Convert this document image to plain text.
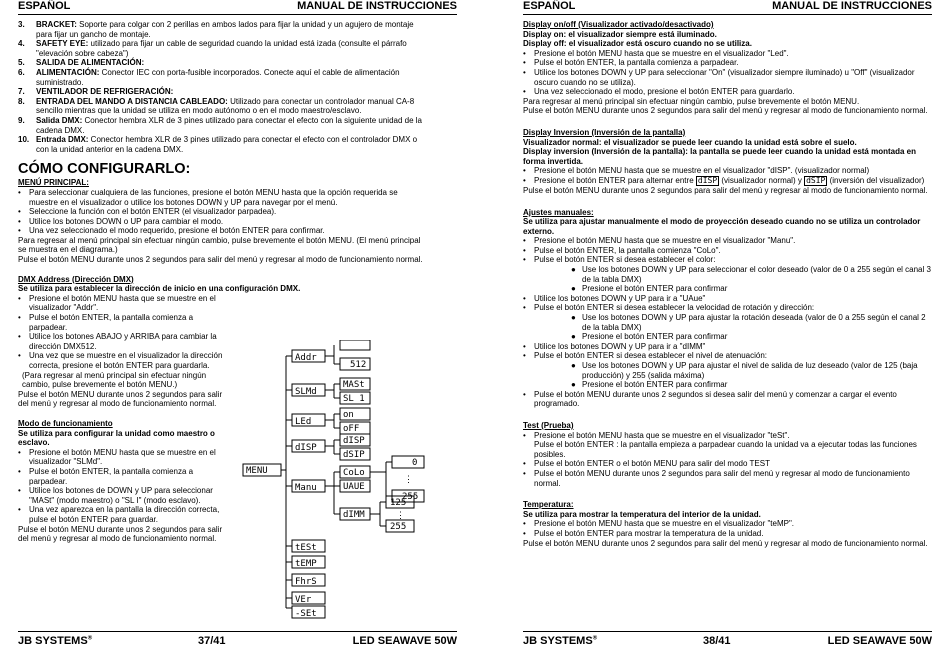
ESPAÑOL	MANUAL DE INSTRUCCIONES
3.	BRACKET: Soporte para colgar con 2 perillas en ambos lados para fijar la unidad y un agujero de montaje para fijar un gancho de montaje.
4.	SAFETY EYE: utilizado para fijar un cable de seguridad cuando la unidad está izada (consulte el párrafo "elevación sobre cabeza")
5.	SALIDA DE ALIMENTACIÓN:
6.	ALIMENTACIÓN: Conector IEC con porta-fusible incorporados. Conecte aquí el cable de alimentación suministrado.
7.	VENTILADOR DE REFRIGERACIÓN:
8.	ENTRADA DEL MANDO A DISTANCIA CABLEADO: Utilizado para conectar un controlador manual CA-8 sencillo mientras que la unidad se utiliza en modo autónomo o en el modo maestro/esclavo.
9.	Salida DMX: Conector hembra XLR de 3 pines utilizado para conectar el efecto con la siguiente unidad de la cadena DMX.
10. Entrada DMX: Conector hembra XLR de 3 pines utilizado para conectar el efecto con el controlador DMX o con la unidad anterior en la cadena DMX.
CÓMO CONFIGURARLO:

MENÚ PRINCIPAL:

•	Para seleccionar cualquiera de las funciones, presione el botón MENU hasta que la opción requerida se muestre en el visualizador o utilice los botones DOWN y UP para navegar por el menú.
•	Seleccione la función con el botón ENTER (el visualizador parpadea).
•	Utilice los botones DOWN o UP para cambiar el modo.
•	Una vez seleccionado el modo requerido, presione el botón ENTER para confirmar.

Para regresar al menú principal sin efectuar ningún cambio, pulse brevemente el botón MENU. (El menú principal se muestra en el diagrama.)

Pulse el botón MENU durante unos 2 segundos para salir del menú y regresar al modo de funcionamiento normal.

DMX Address (Dirección DMX)

Se utiliza para establecer la dirección de inicio en una configuración DMX.

•	Presione el botón MENU hasta que se muestre en el visualizador "Addr".
•	Pulse el botón ENTER, la pantalla comienza a parpadear.
•	Utilice los botones ABAJO y ARRIBA para cambiar la dirección DMX512.
•	Una vez que se muestre en el visualizador la dirección correcta, presione el botón ENTER para guardarla.

(Para regresar al menú principal sin efectuar ningún cambio, pulse brevemente el botón MENU.)

Pulse el botón MENU durante unos 2 segundos para salir del menú y regresar al modo de funcionamiento normal.

Modo de funcionamiento

Se utiliza para configurar la unidad como maestro o esclavo.

•	Presione el botón MENU hasta que se muestre en el visualizador "SLMd".
•	Pulse el botón ENTER, la pantalla comienza a parpadear.
•	Utilice los botones de DOWN y UP para seleccionar "MASt" (modo maestro) o "SL I" (modo esclavo).
•	Una vez aparezca en la pantalla la dirección correcta, pulse el botón ENTER para guardar.

Pulse el botón MENU durante unos 2 segundos para salir del menú y regresar al modo de funcionamiento normal.

MENU
Addr
SLMd
LEd
dISP
Manu
tESt
tEMP
FhrS
VEr
-SEt
512
MASt
SL 1
on
oFF
dISP
dSIP
CoLo
UAUE
dIMM
0
255
125
255
⋮
⋮
JB SYSTEMS®	37/41	LED SEAWAVE 50W
ESPAÑOL	MANUAL DE INSTRUCCIONES

Display on/off (Visualizador activado/desactivado)

Display on: el visualizador siempre está iluminado.

Display off: el visualizador está oscuro cuando no se utiliza.

•	Presione el botón MENU hasta que se muestre en el visualizador "Led".
•	Pulse el botón ENTER, la pantalla comienza a parpadear.
•	Utilice los botones DOWN y UP para seleccionar "On" (visualizador siempre iluminado) u "Off" (visualizador oscuro cuando no se utiliza).
•	Una vez seleccionado el modo, presione el botón ENTER para guardarlo.

Para regresar al menú principal sin efectuar ningún cambio, pulse brevemente el botón MENU.

Pulse el botón MENU durante unos 2 segundos para salir del menú y regresar al modo de funcionamiento normal.

Display Inversion (Inversión de la pantalla)

Visualizador normal: el visualizador se puede leer cuando la unidad está sobre el suelo.

Display inversion (Inversión de la pantalla): la pantalla se puede leer cuando la unidad está montada en forma invertida.

•	Presione el botón MENU hasta que se muestre en el visualizador "dISP". (visualizador normal)
•	Presione el botón ENTER para alternar entre dISP (visualizador normal) y dSIP (inversión del visualizador)

Pulse el botón MENU durante unos 2 segundos para salir del menú y regresar al modo de funcionamiento normal.

Ajustes manuales:

Se utiliza para ajustar manualmente el modo de proyección deseado cuando no se utiliza un controlador externo.

•	Presione el botón MENU hasta que se muestre en el visualizador "Manu".
•	Pulse el botón ENTER, la pantalla comienza "CoLo".
•	Pulse el botón ENTER si desea establecer el color:
● Use los botones DOWN y UP para seleccionar el color deseado (valor de 0 a 255 según el canal 3 de la tabla DMX)
● Presione el botón ENTER para confirmar
•	Utilice los botones DOWN y UP para ir a "UAue"
•	Pulse el botón ENTER si desea establecer la velocidad de rotación y dirección:
● Use los botones DOWN y UP para ajustar la rotación deseada (valor de 0 a 255 según el canal 2 de la tabla DMX)
● Presione el botón ENTER para confirmar
•	Utilice los botones DOWN y UP para ir a "dIMM"
•	Pulse el botón ENTER si desea establecer el nivel de atenuación:
● Use los botones DOWN y UP para ajustar el nivel de salida de luz deseado (valor de 125 (baja producción) y 255 (salida máxima)
● Presione el botón ENTER para confirmar
•	Pulse el botón MENU durante unos 2 segundos si desea salir del menú y comenzar a cargar el evento programado.

Test (Prueba)

•	Presione el botón MENU hasta que se muestre en el visualizador "teSt".

Pulse el botón ENTER : la pantalla empieza a parpadear cuando la unidad va a ejecutar todas las funciones posibles.

•	Pulse el botón ENTER o el botón MENU para salir del modo TEST
•	Pulse el botón MENU durante unos 2 segundos para salir del menú y regresar al modo de funcionamiento normal.

Temperatura:

Se utiliza para mostrar la temperatura del interior de la unidad.

•	Presione el botón MENU hasta que se muestre en el visualizador "teMP".
•	Pulse el botón ENTER para mostrar la temperatura de la unidad.

Pulse el botón MENU durante unos 2 segundos para salir del menú y regresar al modo de funcionamiento normal.

JB SYSTEMS®	38/41	LED SEAWAVE 50W
